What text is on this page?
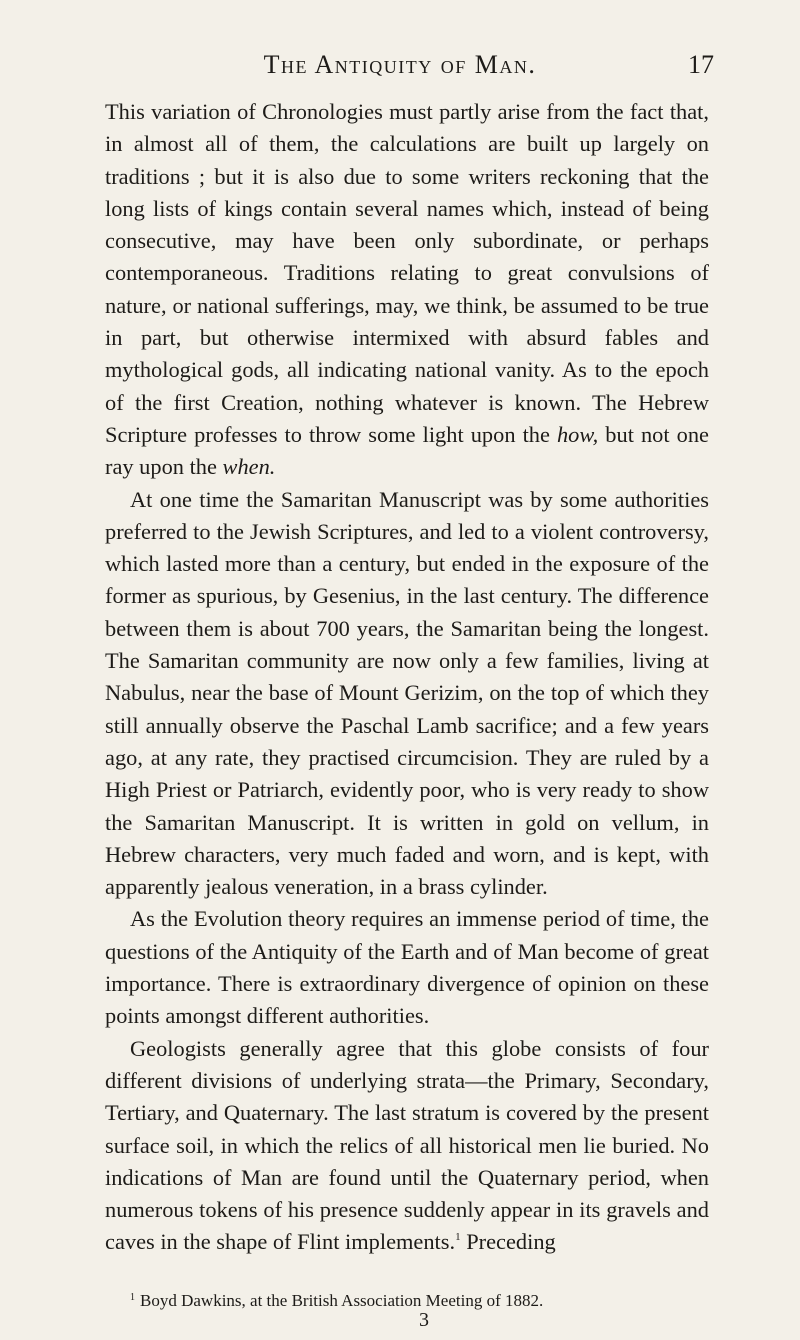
The Antiquity of Man.	17

This variation of Chronologies must partly arise from the fact that, in almost all of them, the calculations are built up largely on traditions ; but it is also due to some writers reckoning that the long lists of kings contain several names which, instead of being consecutive, may have been only subordinate, or perhaps contemporaneous. Traditions relating to great convulsions of nature, or national sufferings, may, we think, be assumed to be true in part, but otherwise intermixed with absurd fables and mythological gods, all indicating national vanity. As to the epoch of the first Creation, nothing whatever is known. The Hebrew Scripture professes to throw some light upon the how, but not one ray upon the when.

At one time the Samaritan Manuscript was by some authorities preferred to the Jewish Scriptures, and led to a violent controversy, which lasted more than a century, but ended in the exposure of the former as spurious, by Gesenius, in the last century. The difference between them is about 700 years, the Samaritan being the longest. The Samaritan community are now only a few families, living at Nabulus, near the base of Mount Gerizim, on the top of which they still annually observe the Paschal Lamb sacrifice; and a few years ago, at any rate, they practised circumcision. They are ruled by a High Priest or Patriarch, evidently poor, who is very ready to show the Samaritan Manuscript. It is written in gold on vellum, in Hebrew characters, very much faded and worn, and is kept, with apparently jealous veneration, in a brass cylinder.

As the Evolution theory requires an immense period of time, the questions of the Antiquity of the Earth and of Man become of great importance. There is extraordinary divergence of opinion on these points amongst different authorities.

Geologists generally agree that this globe consists of four different divisions of underlying strata—the Primary, Secondary, Tertiary, and Quaternary. The last stratum is covered by the present surface soil, in which the relics of all historical men lie buried. No indications of Man are found until the Quaternary period, when numerous tokens of his presence suddenly appear in its gravels and caves in the shape of Flint implements.$^1$ Preceding

$^1$ Boyd Dawkins, at the British Association Meeting of 1882.
3
